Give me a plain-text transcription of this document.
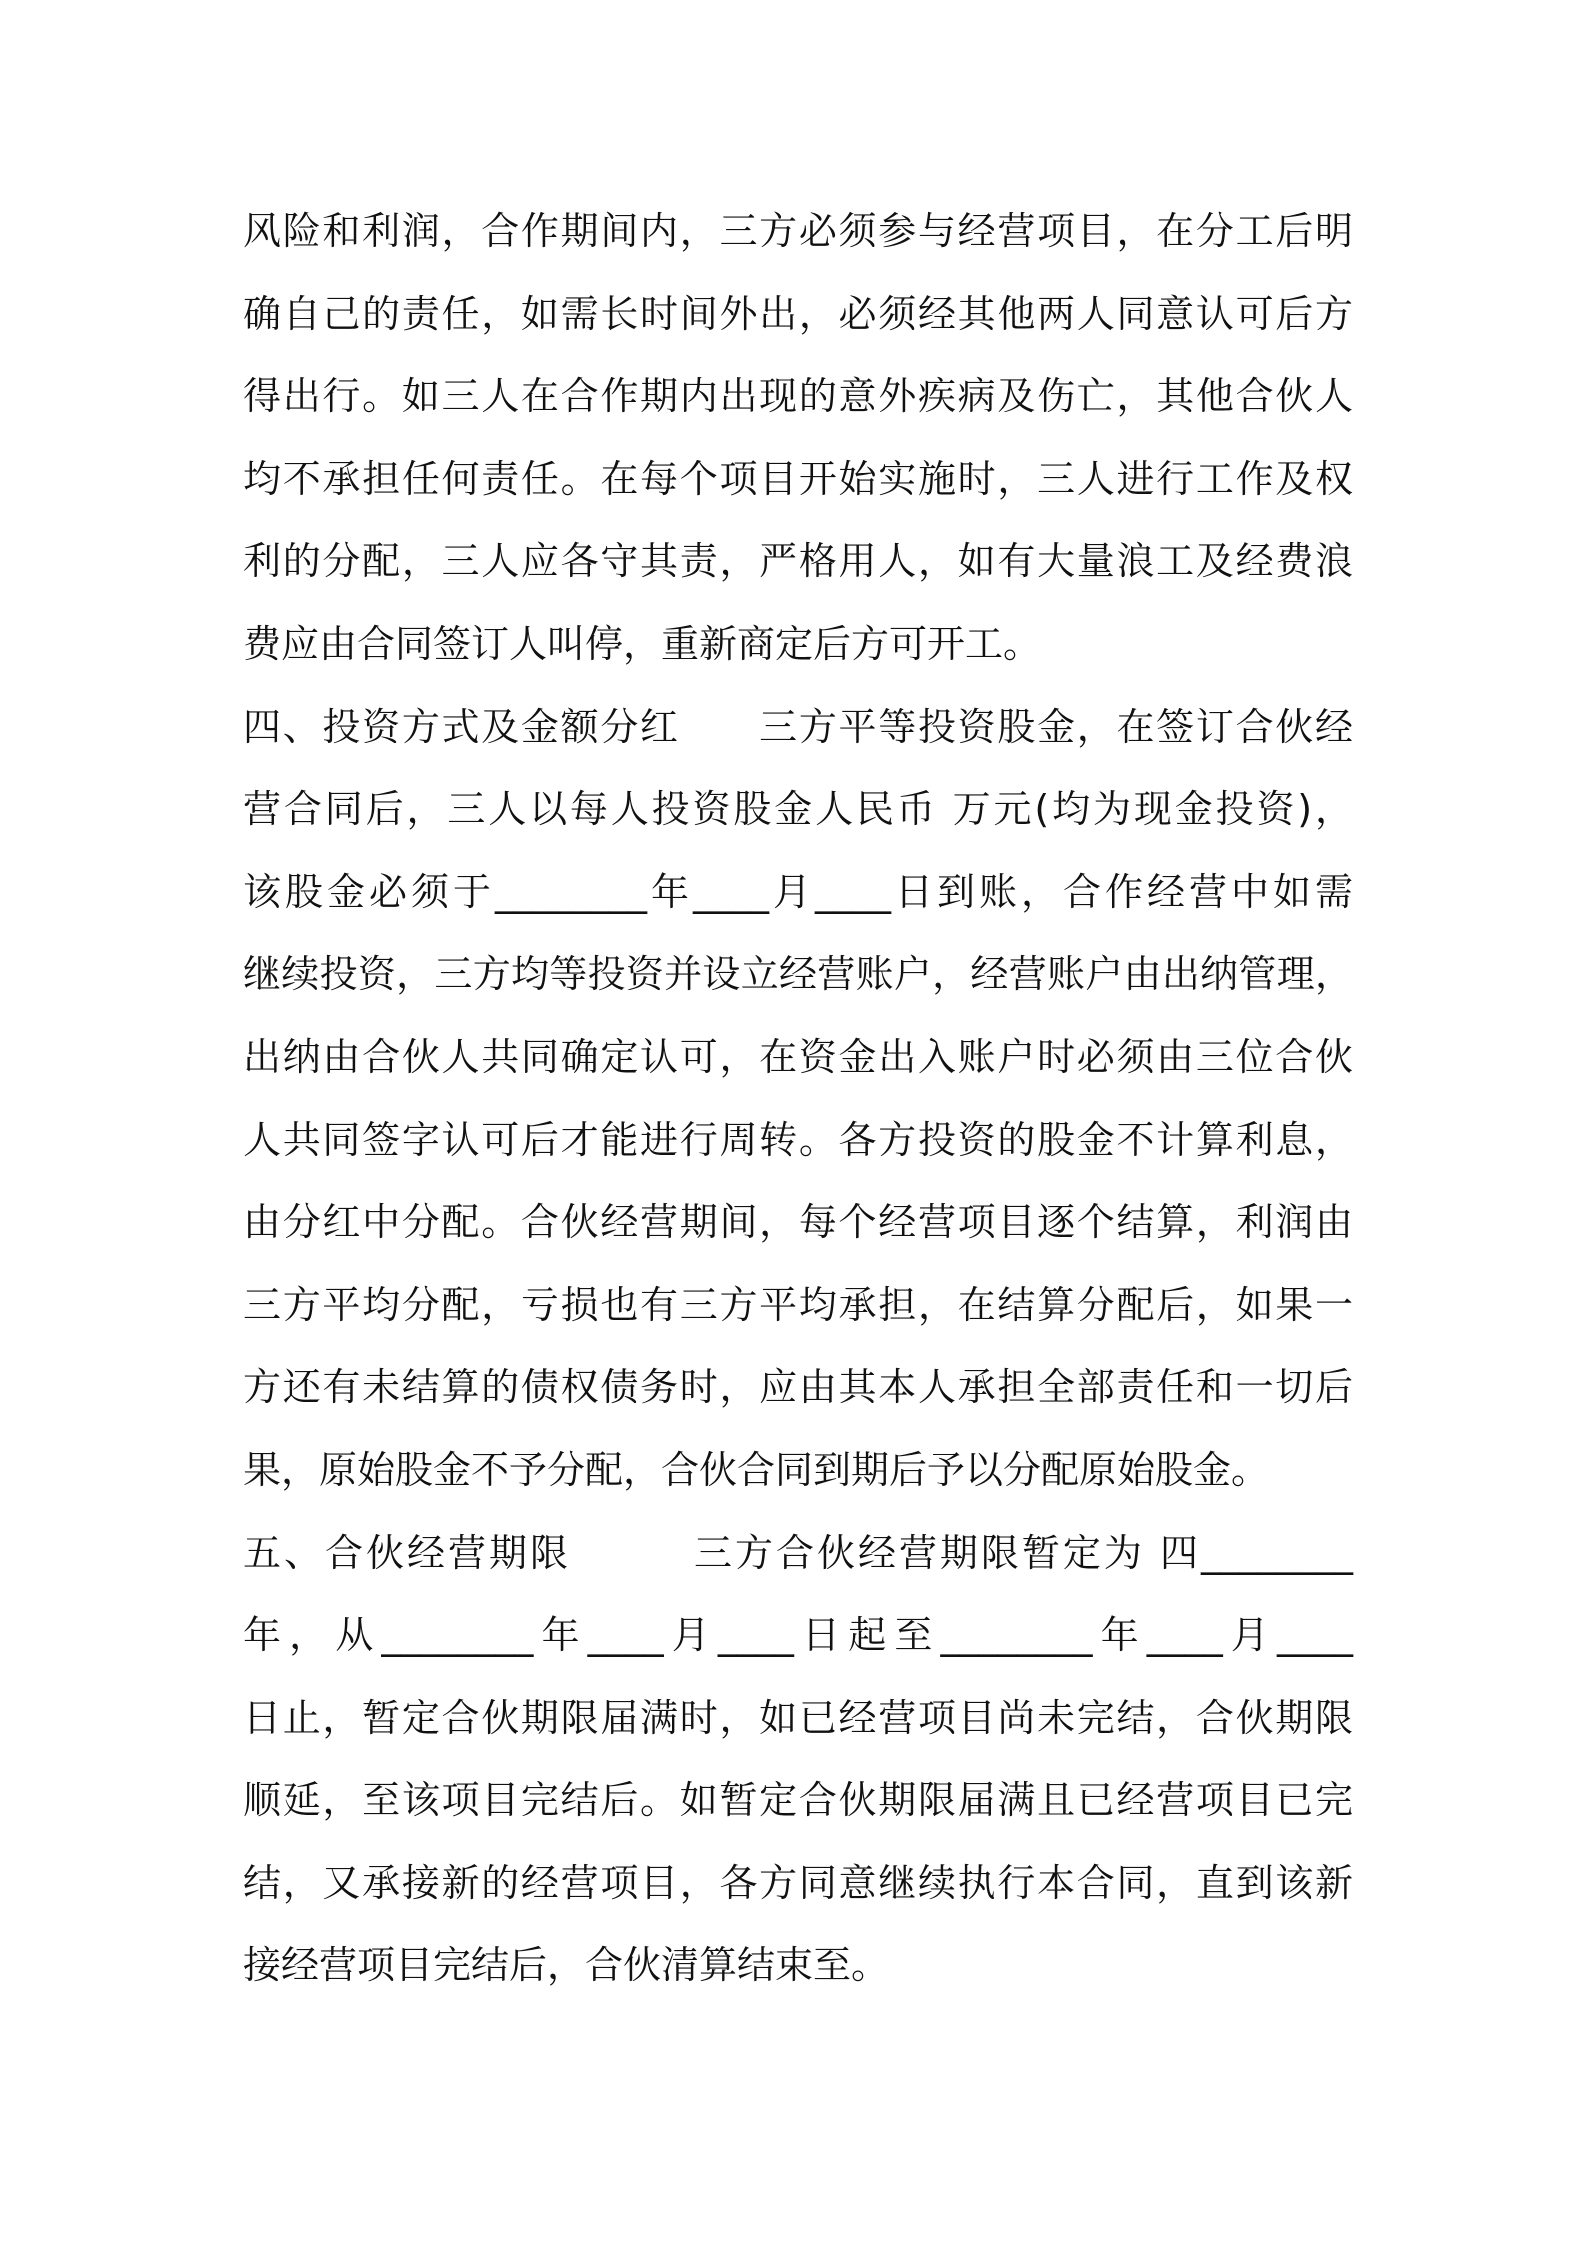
风险和利润，合作期间内，三方必须参与经营项目，在分工后明
确自己的责任，如需长时间外出，必须经其他两人同意认可后方
得出行。如三人在合作期内出现的意外疾病及伤亡，其他合伙人
均不承担任何责任。在每个项目开始实施时，三人进行工作及权
利的分配，三人应各守其责，严格用人，如有大量浪工及经费浪
费应由合同签订人叫停，重新商定后方可开工。
四、投资方式及金额分红　　三方平等投资股金，在签订合伙经
营合同后，三人以每人投资股金人民币 万元(均为现金投资)，
该股金必须于________年____月____日到账，合作经营中如需
继续投资，三方均等投资并设立经营账户，经营账户由出纳管理，
出纳由合伙人共同确定认可，在资金出入账户时必须由三位合伙
人共同签字认可后才能进行周转。各方投资的股金不计算利息，
由分红中分配。合伙经营期间，每个经营项目逐个结算，利润由
三方平均分配，亏损也有三方平均承担，在结算分配后，如果一
方还有未结算的债权债务时，应由其本人承担全部责任和一切后
果，原始股金不予分配，合伙合同到期后予以分配原始股金。
五、合伙经营期限　　　三方合伙经营期限暂定为 四________
年，从________年____月____日起至________年____月____
日止，暂定合伙期限届满时，如已经营项目尚未完结，合伙期限
顺延，至该项目完结后。如暂定合伙期限届满且已经营项目已完
结，又承接新的经营项目，各方同意继续执行本合同，直到该新
接经营项目完结后，合伙清算结束至。
